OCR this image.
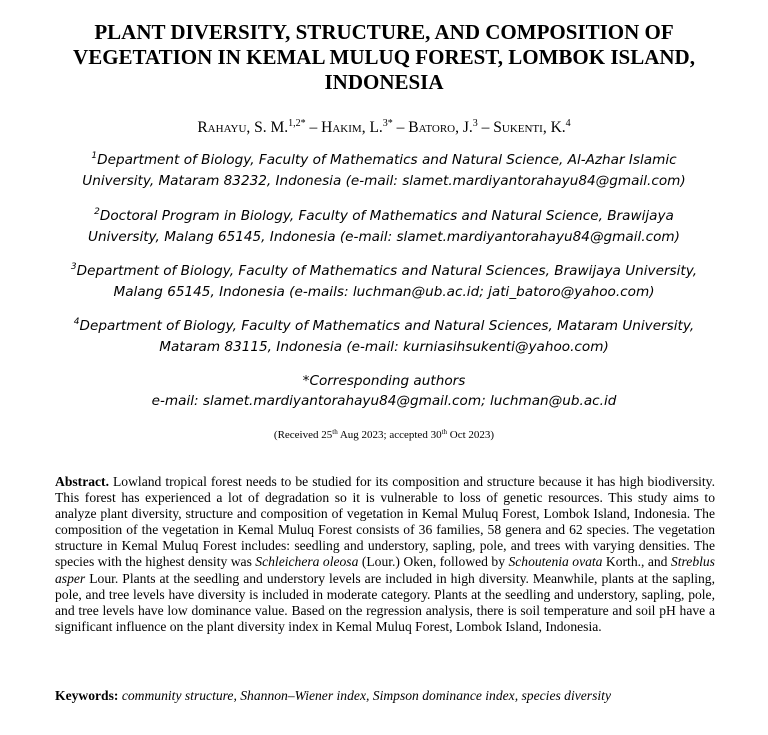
PLANT DIVERSITY, STRUCTURE, AND COMPOSITION OF VEGETATION IN KEMAL MULUQ FOREST, LOMBOK ISLAND, INDONESIA
Rahayu, S. M.$^{1,2*}$ – Hakim, L.$^{3*}$ – Batoro, J.$^3$ – Sukenti, K.$^4$
$^1$Department of Biology, Faculty of Mathematics and Natural Science, Al-Azhar Islamic University, Mataram 83232, Indonesia (e-mail: slamet.mardiyantorahayu84@gmail.com)
$^2$Doctoral Program in Biology, Faculty of Mathematics and Natural Science, Brawijaya University, Malang 65145, Indonesia (e-mail: slamet.mardiyantorahayu84@gmail.com)
$^3$Department of Biology, Faculty of Mathematics and Natural Sciences, Brawijaya University, Malang 65145, Indonesia (e-mails: luchman@ub.ac.id; jati_batoro@yahoo.com)
$^4$Department of Biology, Faculty of Mathematics and Natural Sciences, Mataram University, Mataram 83115, Indonesia (e-mail: kurniasihsukenti@yahoo.com)
*Corresponding authors
e-mail: slamet.mardiyantorahayu84@gmail.com; luchman@ub.ac.id
(Received 25th Aug 2023; accepted 30th Oct 2023)

Abstract. Lowland tropical forest needs to be studied for its composition and structure because it has high biodiversity. This forest has experienced a lot of degradation so it is vulnerable to loss of genetic resources. This study aims to analyze plant diversity, structure and composition of vegetation in Kemal Muluq Forest, Lombok Island, Indonesia. The composition of the vegetation in Kemal Muluq Forest consists of 36 families, 58 genera and 62 species. The vegetation structure in Kemal Muluq Forest includes: seedling and understory, sapling, pole, and trees with varying densities. The species with the highest density was Schleichera oleosa (Lour.) Oken, followed by Schoutenia ovata Korth., and Streblus asper Lour. Plants at the seedling and understory levels are included in high diversity. Meanwhile, plants at the sapling, pole, and tree levels have diversity is included in moderate category. Plants at the seedling and understory, sapling, pole, and tree levels have low dominance value. Based on the regression analysis, there is soil temperature and soil pH have a significant influence on the plant diversity index in Kemal Muluq Forest, Lombok Island, Indonesia.

Keywords: community structure, Shannon–Wiener index, Simpson dominance index, species diversity
